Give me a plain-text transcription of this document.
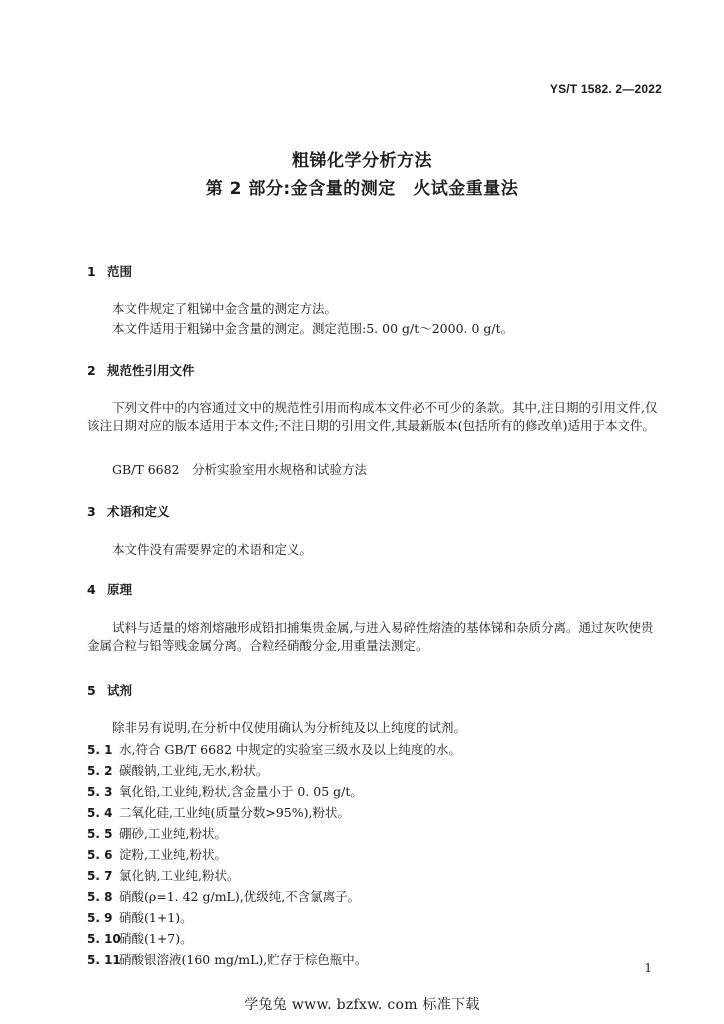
YS/T 1582. 2—2022
粗锑化学分析方法
第 2 部分:金含量的测定　火试金重量法
1 范围
本文件规定了粗锑中金含量的测定方法。
本文件适用于粗锑中金含量的测定。测定范围:5. 00 g/t～2000. 0 g/t。
2 规范性引用文件
下列文件中的内容通过文中的规范性引用而构成本文件必不可少的条款。其中,注日期的引用文件,仅该注日期对应的版本适用于本文件;不注日期的引用文件,其最新版本(包括所有的修改单)适用于本文件。
GB/T 6682　分析实验室用水规格和试验方法
3 术语和定义
本文件没有需要界定的术语和定义。
4 原理
试料与适量的熔剂熔融形成铅扣捕集贵金属,与进入易碎性熔渣的基体锑和杂质分离。通过灰吹使贵金属合粒与铅等贱金属分离。合粒经硝酸分金,用重量法测定。
5 试剂
除非另有说明,在分析中仅使用确认为分析纯及以上纯度的试剂。
5. 1 水,符合 GB/T 6682 中规定的实验室三级水及以上纯度的水。
5. 2 碳酸钠,工业纯,无水,粉状。
5. 3 氧化铅,工业纯,粉状,含金量小于 0. 05 g/t。
5. 4 二氧化硅,工业纯(质量分数>95%),粉状。
5. 5 硼砂,工业纯,粉状。
5. 6 淀粉,工业纯,粉状。
5. 7 氯化钠,工业纯,粉状。
5. 8 硝酸(ρ=1. 42 g/mL),优级纯,不含氯离子。
5. 9 硝酸(1+1)。
5. 10硝酸(1+7)。
5. 11硝酸银溶液(160 mg/mL),贮存于棕色瓶中。
1
学兔兔 www. bzfxw. com 标准下载
